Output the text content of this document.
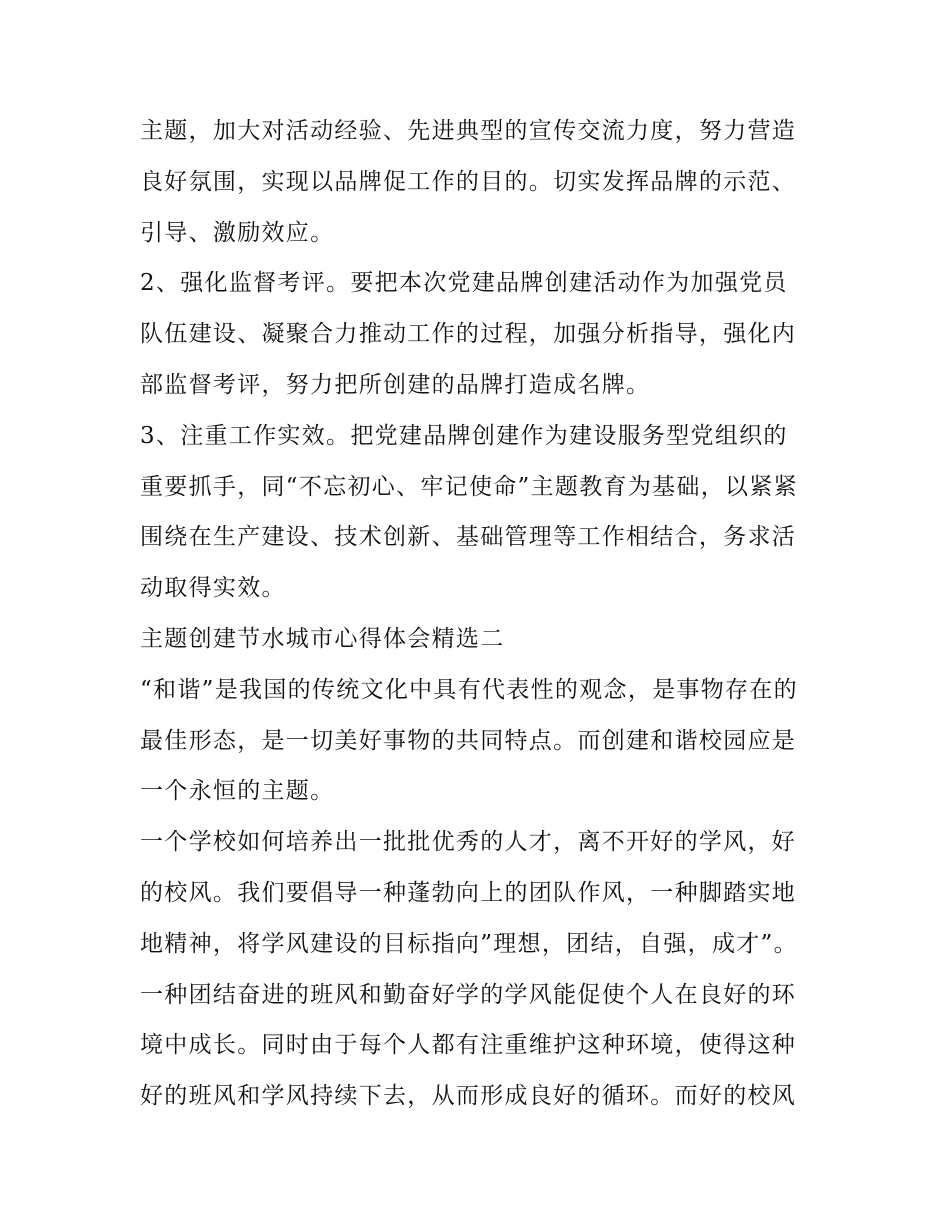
主题，加大对活动经验、先进典型的宣传交流力度，努力营造
良好氛围，实现以品牌促工作的目的。切实发挥品牌的示范、
引导、激励效应。
2、强化监督考评。要把本次党建品牌创建活动作为加强党员
队伍建设、凝聚合力推动工作的过程，加强分析指导，强化内
部监督考评，努力把所创建的品牌打造成名牌。
3、注重工作实效。把党建品牌创建作为建设服务型党组织的
重要抓手，同“不忘初心、牢记使命”主题教育为基础，以紧紧
围绕在生产建设、技术创新、基础管理等工作相结合，务求活
动取得实效。
主题创建节水城市心得体会精选二
“和谐”是我国的传统文化中具有代表性的观念，是事物存在的
最佳形态，是一切美好事物的共同特点。而创建和谐校园应是
一个永恒的主题。
一个学校如何培养出一批批优秀的人才，离不开好的学风，好
的校风。我们要倡导一种蓬勃向上的团队作风，一种脚踏实地
地精神，将学风建设的目标指向”理想，团结，自强，成才”。
一种团结奋进的班风和勤奋好学的学风能促使个人在良好的环
境中成长。同时由于每个人都有注重维护这种环境，使得这种
好的班风和学风持续下去，从而形成良好的循环。而好的校风
